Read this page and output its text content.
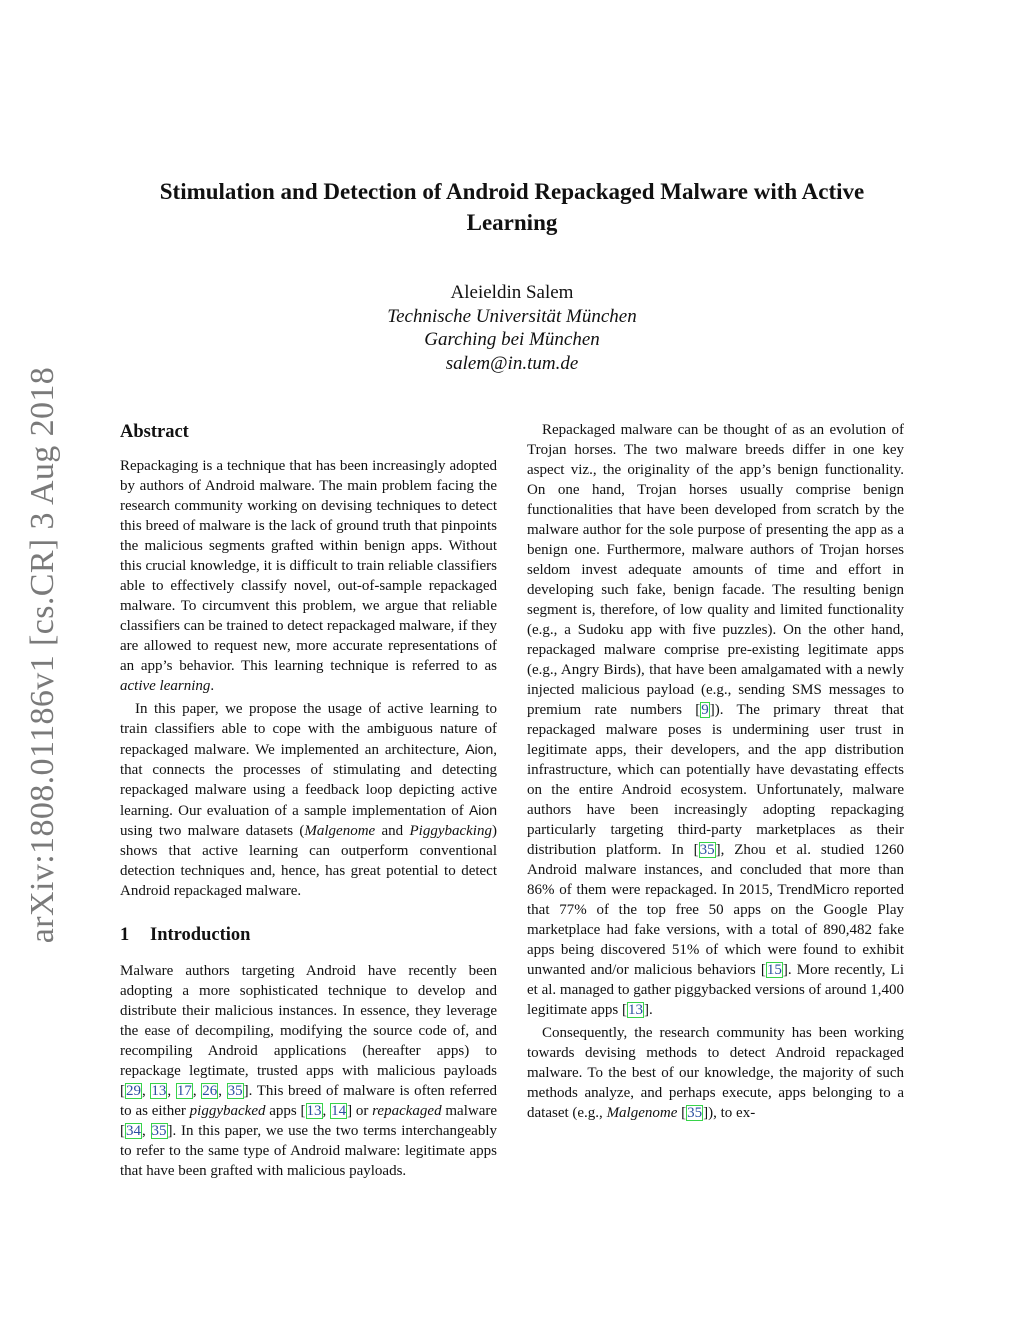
arXiv:1808.01186v1 [cs.CR] 3 Aug 2018
Stimulation and Detection of Android Repackaged Malware with Active Learning
Aleieldin Salem
Technische Universität München
Garching bei München
salem@in.tum.de
Abstract

Repackaging is a technique that has been increasingly adopted by authors of Android malware. The main problem facing the research community working on devising techniques to detect this breed of malware is the lack of ground truth that pinpoints the malicious segments grafted within benign apps. Without this crucial knowledge, it is difficult to train reliable classifiers able to effectively classify novel, out-of-sample repackaged malware. To circumvent this problem, we argue that reliable classifiers can be trained to detect repackaged malware, if they are allowed to request new, more accurate representations of an app’s behavior. This learning technique is referred to as active learning.

In this paper, we propose the usage of active learning to train classifiers able to cope with the ambiguous nature of repackaged malware. We implemented an architecture, Aion, that connects the processes of stimulating and detecting repackaged malware using a feedback loop depicting active learning. Our evaluation of a sample implementation of Aion using two malware datasets (Malgenome and Piggybacking) shows that active learning can outperform conventional detection techniques and, hence, has great potential to detect Android repackaged malware.

1 Introduction

Malware authors targeting Android have recently been adopting a more sophisticated technique to develop and distribute their malicious instances. In essence, they leverage the ease of decompiling, modifying the source code of, and recompiling Android applications (hereafter apps) to repackage legtimate, trusted apps with malicious payloads [29, 13, 17, 26, 35]. This breed of malware is often referred to as either piggybacked apps [13, 14] or repackaged malware [34, 35]. In this paper, we use the two terms interchangeably to refer to the same type of Android malware: legitimate apps that have been grafted with malicious payloads.

Repackaged malware can be thought of as an evolution of Trojan horses. The two malware breeds differ in one key aspect viz., the originality of the app’s benign functionality. On one hand, Trojan horses usually comprise benign functionalities that have been developed from scratch by the malware author for the sole purpose of presenting the app as a benign one. Furthermore, malware authors of Trojan horses seldom invest adequate amounts of time and effort in developing such fake, benign facade. The resulting benign segment is, therefore, of low quality and limited functionality (e.g., a Sudoku app with five puzzles). On the other hand, repackaged malware comprise pre-existing legitimate apps (e.g., Angry Birds), that have been amalgamated with a newly injected malicious payload (e.g., sending SMS messages to premium rate numbers [9]). The primary threat that repackaged malware poses is undermining user trust in legitimate apps, their developers, and the app distribution infrastructure, which can potentially have devastating effects on the entire Android ecosystem. Unfortunately, malware authors have been increasingly adopting repackaging particularly targeting third-party marketplaces as their distribution platform. In [35], Zhou et al. studied 1260 Android malware instances, and concluded that more than 86% of them were repackaged. In 2015, TrendMicro reported that 77% of the top free 50 apps on the Google Play marketplace had fake versions, with a total of 890,482 fake apps being discovered 51% of which were found to exhibit unwanted and/or malicious behaviors [15]. More recently, Li et al. managed to gather piggybacked versions of around 1,400 legitimate apps [13].

Consequently, the research community has been working towards devising methods to detect Android repackaged malware. To the best of our knowledge, the majority of such methods analyze, and perhaps execute, apps belonging to a dataset (e.g., Malgenome [35]), to ex-
